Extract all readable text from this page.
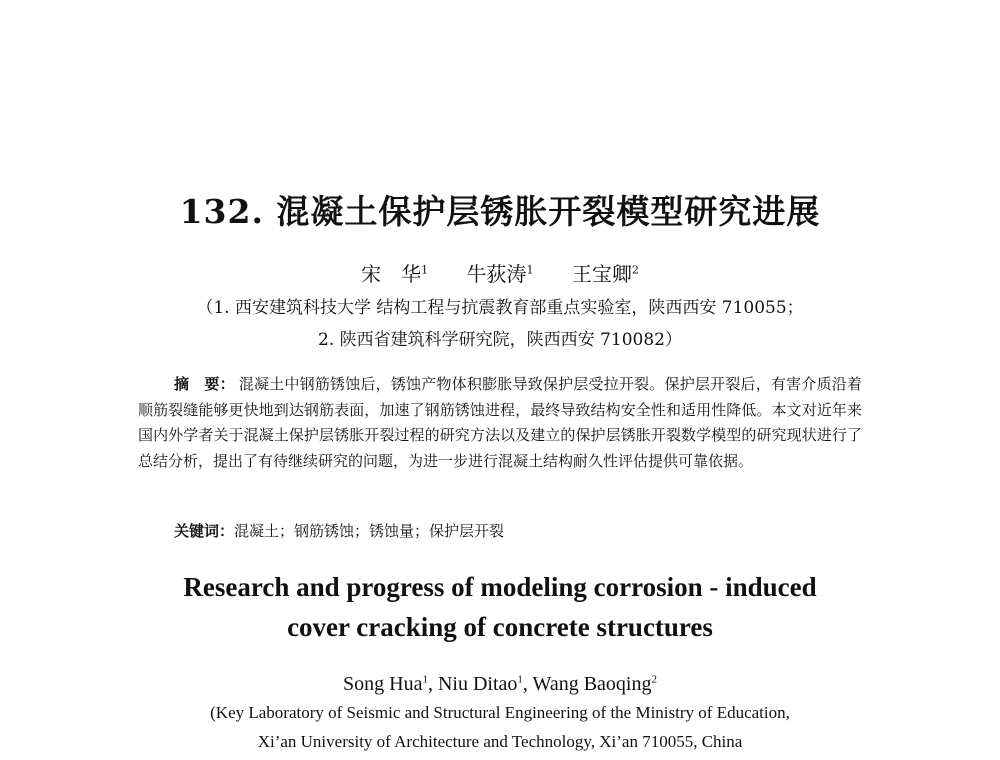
132. 混凝土保护层锈胀开裂模型研究进展
宋　华$^1$ 牛荻涛$^1$ 王宝卿$^2$
（1. 西安建筑科技大学 结构工程与抗震教育部重点实验室，陕西西安 710055；
2. 陕西省建筑科学研究院，陕西西安 710082）
摘　要： 混凝土中钢筋锈蚀后，锈蚀产物体积膨胀导致保护层受拉开裂。保护层开裂后，有害介质沿着顺筋裂缝能够更快地到达钢筋表面，加速了钢筋锈蚀进程，最终导致结构安全性和适用性降低。本文对近年来国内外学者关于混凝土保护层锈胀开裂过程的研究方法以及建立的保护层锈胀开裂数学模型的研究现状进行了总结分析，提出了有待继续研究的问题，为进一步进行混凝土结构耐久性评估提供可靠依据。
关键词：混凝土；钢筋锈蚀；锈蚀量；保护层开裂
Research and progress of modeling corrosion - induced
cover cracking of concrete structures
Song Hua$^1$, Niu Ditao$^1$, Wang Baoqing$^2$
(Key Laboratory of Seismic and Structural Engineering of the Ministry of Education,
Xi’an University of Architecture and Technology, Xi’an 710055, China
